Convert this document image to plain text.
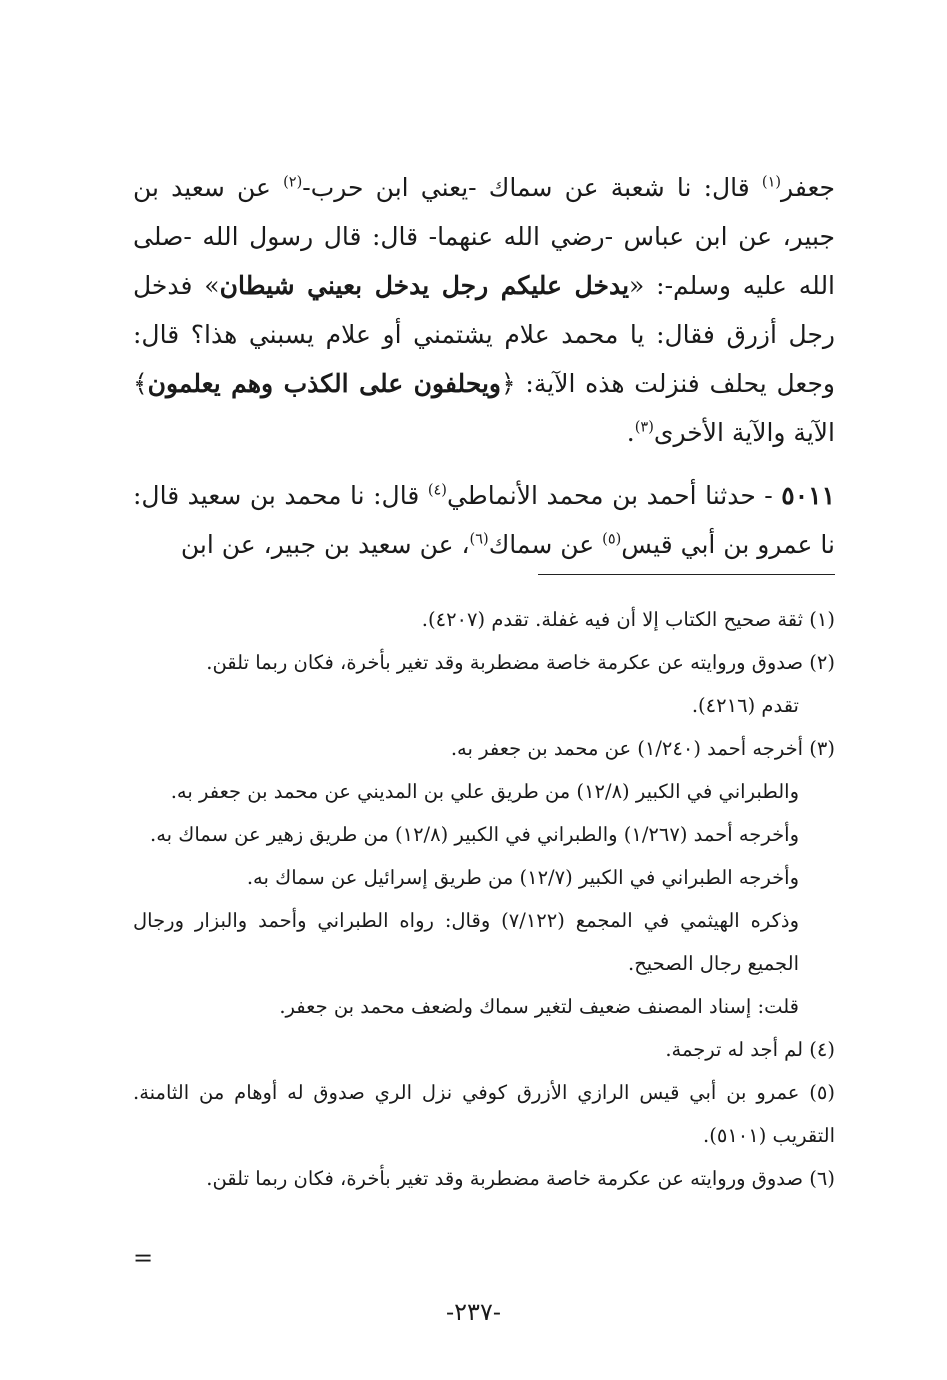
جعفر$^{(١)}$ قال: نا شعبة عن سماك -يعني ابن حرب-$^{(٢)}$ عن سعيد بن جبير، عن ابن عباس -رضي الله عنهما- قال: قال رسول الله -صلى الله عليه وسلم-: «يدخل عليكم رجل يدخل بعيني شيطان» فدخل رجل أزرق فقال: يا محمد علام يشتمني أو علام يسبني هذا؟ قال: وجعل يحلف فنزلت هذه الآية: ﴿ويحلفون على الكذب وهم يعلمون﴾ الآية والآية الأخرى$^{(٣)}$.

٥٠١١ - حدثنا أحمد بن محمد الأنماطي$^{(٤)}$ قال: نا محمد بن سعيد قال: نا عمرو بن أبي قيس$^{(٥)}$ عن سماك$^{(٦)}$، عن سعيد بن جبير، عن ابن

(١) ثقة صحيح الكتاب إلا أن فيه غفلة. تقدم (٤٢٠٧).

(٢) صدوق وروايته عن عكرمة خاصة مضطربة وقد تغير بأخرة، فكان ربما تلقن.

تقدم (٤٢١٦).

(٣) أخرجه أحمد (١/٢٤٠) عن محمد بن جعفر به.

والطبراني في الكبير (١٢/٨) من طريق علي بن المديني عن محمد بن جعفر به.

وأخرجه أحمد (١/٢٦٧) والطبراني في الكبير (١٢/٨) من طريق زهير عن سماك به.

وأخرجه الطبراني في الكبير (١٢/٧) من طريق إسرائيل عن سماك به.

وذكره الهيثمي في المجمع (٧/١٢٢) وقال: رواه الطبراني وأحمد والبزار ورجال الجميع رجال الصحيح.

قلت: إسناد المصنف ضعيف لتغير سماك ولضعف محمد بن جعفر.

(٤) لم أجد له ترجمة.

(٥) عمرو بن أبي قيس الرازي الأزرق كوفي نزل الري صدوق له أوهام من الثامنة. التقريب (٥١٠١).

(٦) صدوق وروايته عن عكرمة خاصة مضطربة وقد تغير بأخرة، فكان ربما تلقن.

=
-٢٣٧-
